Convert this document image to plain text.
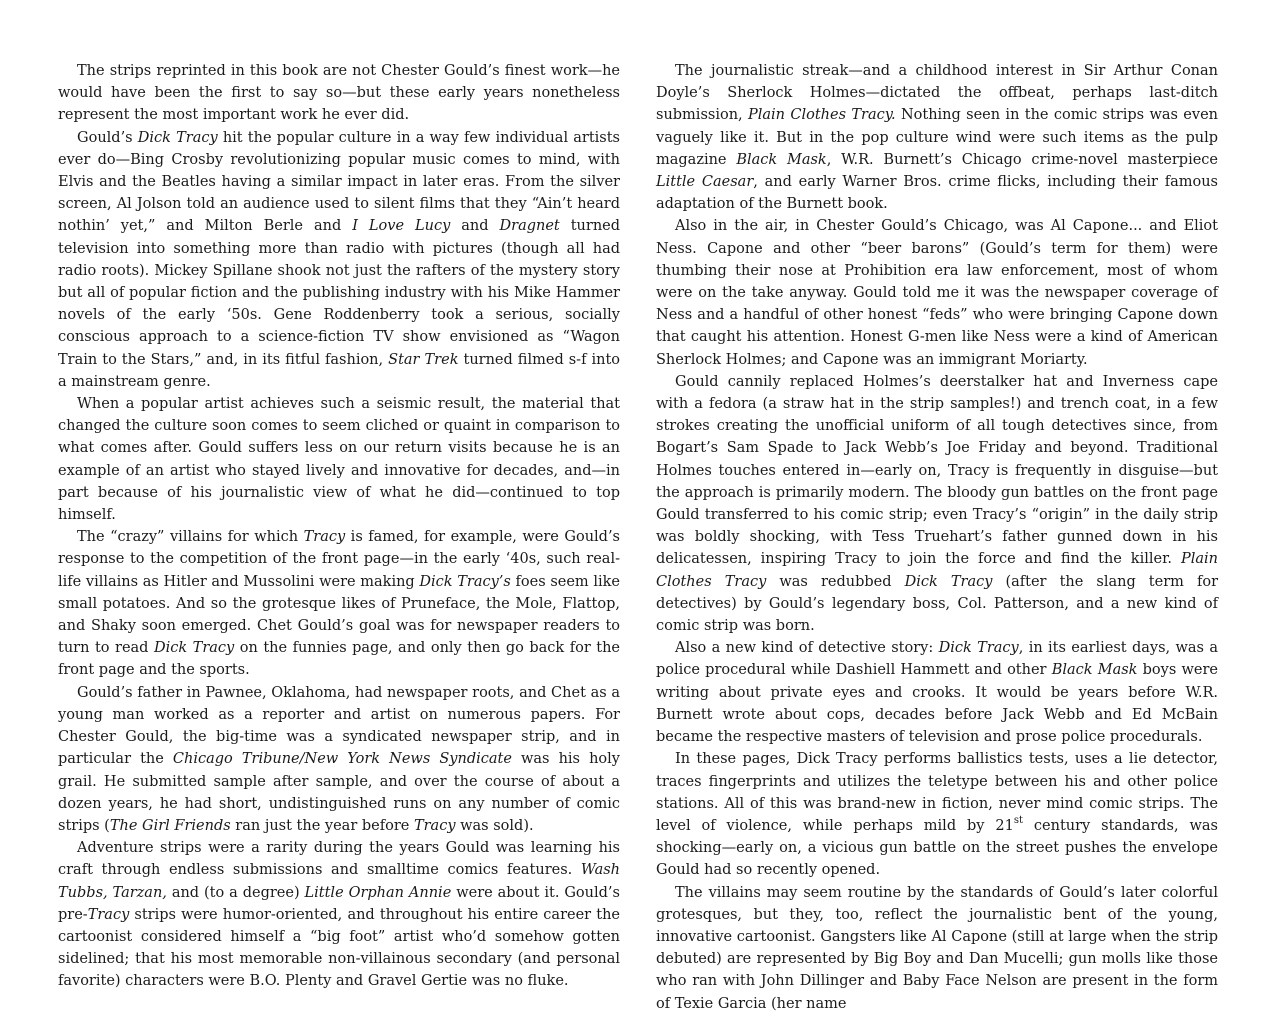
The strips reprinted in this book are not Chester Gould’s finest work—he would have been the first to say so—but these early years nonetheless represent the most important work he ever did.

Gould’s Dick Tracy hit the popular culture in a way few individual artists ever do—Bing Crosby revolutionizing popular music comes to mind, with Elvis and the Beatles having a similar impact in later eras. From the silver screen, Al Jolson told an audience used to silent films that they “Ain’t heard nothin’ yet,” and Milton Berle and I Love Lucy and Dragnet turned television into something more than radio with pictures (though all had radio roots). Mickey Spillane shook not just the rafters of the mystery story but all of popular fiction and the publishing industry with his Mike Hammer novels of the early ‘50s. Gene Roddenberry took a serious, socially conscious approach to a science-fiction TV show envisioned as “Wagon Train to the Stars,” and, in its fitful fashion, Star Trek turned filmed s-f into a mainstream genre.

When a popular artist achieves such a seismic result, the material that changed the culture soon comes to seem cliched or quaint in comparison to what comes after. Gould suffers less on our return visits because he is an example of an artist who stayed lively and innovative for decades, and—in part because of his journalistic view of what he did—continued to top himself.

The “crazy” villains for which Tracy is famed, for example, were Gould’s response to the competition of the front page—in the early ‘40s, such real-life villains as Hitler and Mussolini were making Dick Tracy’s foes seem like small potatoes. And so the grotesque likes of Pruneface, the Mole, Flattop, and Shaky soon emerged. Chet Gould’s goal was for newspaper readers to turn to read Dick Tracy on the funnies page, and only then go back for the front page and the sports.

Gould’s father in Pawnee, Oklahoma, had newspaper roots, and Chet as a young man worked as a reporter and artist on numerous papers. For Chester Gould, the big-time was a syndicated newspaper strip, and in particular the Chicago Tribune/New York News Syndicate was his holy grail. He submitted sample after sample, and over the course of about a dozen years, he had short, undistinguished runs on any number of comic strips (The Girl Friends ran just the year before Tracy was sold).

Adventure strips were a rarity during the years Gould was learning his craft through endless submissions and smalltime comics features. Wash Tubbs, Tarzan, and (to a degree) Little Orphan Annie were about it. Gould’s pre-Tracy strips were humor-oriented, and throughout his entire career the cartoonist considered himself a “big foot” artist who’d somehow gotten sidelined; that his most memorable non-villainous secondary (and personal favorite) characters were B.O. Plenty and Gravel Gertie was no fluke.

The journalistic streak—and a childhood interest in Sir Arthur Conan Doyle’s Sherlock Holmes—dictated the offbeat, perhaps last-ditch submission, Plain Clothes Tracy. Nothing seen in the comic strips was even vaguely like it. But in the pop culture wind were such items as the pulp magazine Black Mask, W.R. Burnett’s Chicago crime-novel masterpiece Little Caesar, and early Warner Bros. crime flicks, including their famous adaptation of the Burnett book.

Also in the air, in Chester Gould’s Chicago, was Al Capone... and Eliot Ness. Capone and other “beer barons” (Gould’s term for them) were thumbing their nose at Prohibition era law enforcement, most of whom were on the take anyway. Gould told me it was the newspaper coverage of Ness and a handful of other honest “feds” who were bringing Capone down that caught his attention. Honest G-men like Ness were a kind of American Sherlock Holmes; and Capone was an immigrant Moriarty.

Gould cannily replaced Holmes’s deerstalker hat and Inverness cape with a fedora (a straw hat in the strip samples!) and trench coat, in a few strokes creating the unofficial uniform of all tough detectives since, from Bogart’s Sam Spade to Jack Webb’s Joe Friday and beyond. Traditional Holmes touches entered in—early on, Tracy is frequently in disguise—but the approach is primarily modern. The bloody gun battles on the front page Gould transferred to his comic strip; even Tracy’s “origin” in the daily strip was boldly shocking, with Tess Truehart’s father gunned down in his delicatessen, inspiring Tracy to join the force and find the killer. Plain Clothes Tracy was redubbed Dick Tracy (after the slang term for detectives) by Gould’s legendary boss, Col. Patterson, and a new kind of comic strip was born.

Also a new kind of detective story: Dick Tracy, in its earliest days, was a police procedural while Dashiell Hammett and other Black Mask boys were writing about private eyes and crooks. It would be years before W.R. Burnett wrote about cops, decades before Jack Webb and Ed McBain became the respective masters of television and prose police procedurals.

In these pages, Dick Tracy performs ballistics tests, uses a lie detector, traces fingerprints and utilizes the teletype between his and other police stations. All of this was brand-new in fiction, never mind comic strips. The level of violence, while perhaps mild by 21st century standards, was shocking—early on, a vicious gun battle on the street pushes the envelope Gould had so recently opened.

The villains may seem routine by the standards of Gould’s later colorful grotesques, but they, too, reflect the journalistic bent of the young, innovative cartoonist. Gangsters like Al Capone (still at large when the strip debuted) are represented by Big Boy and Dan Mucelli; gun molls like those who ran with John Dillinger and Baby Face Nelson are present in the form of Texie Garcia (her name
